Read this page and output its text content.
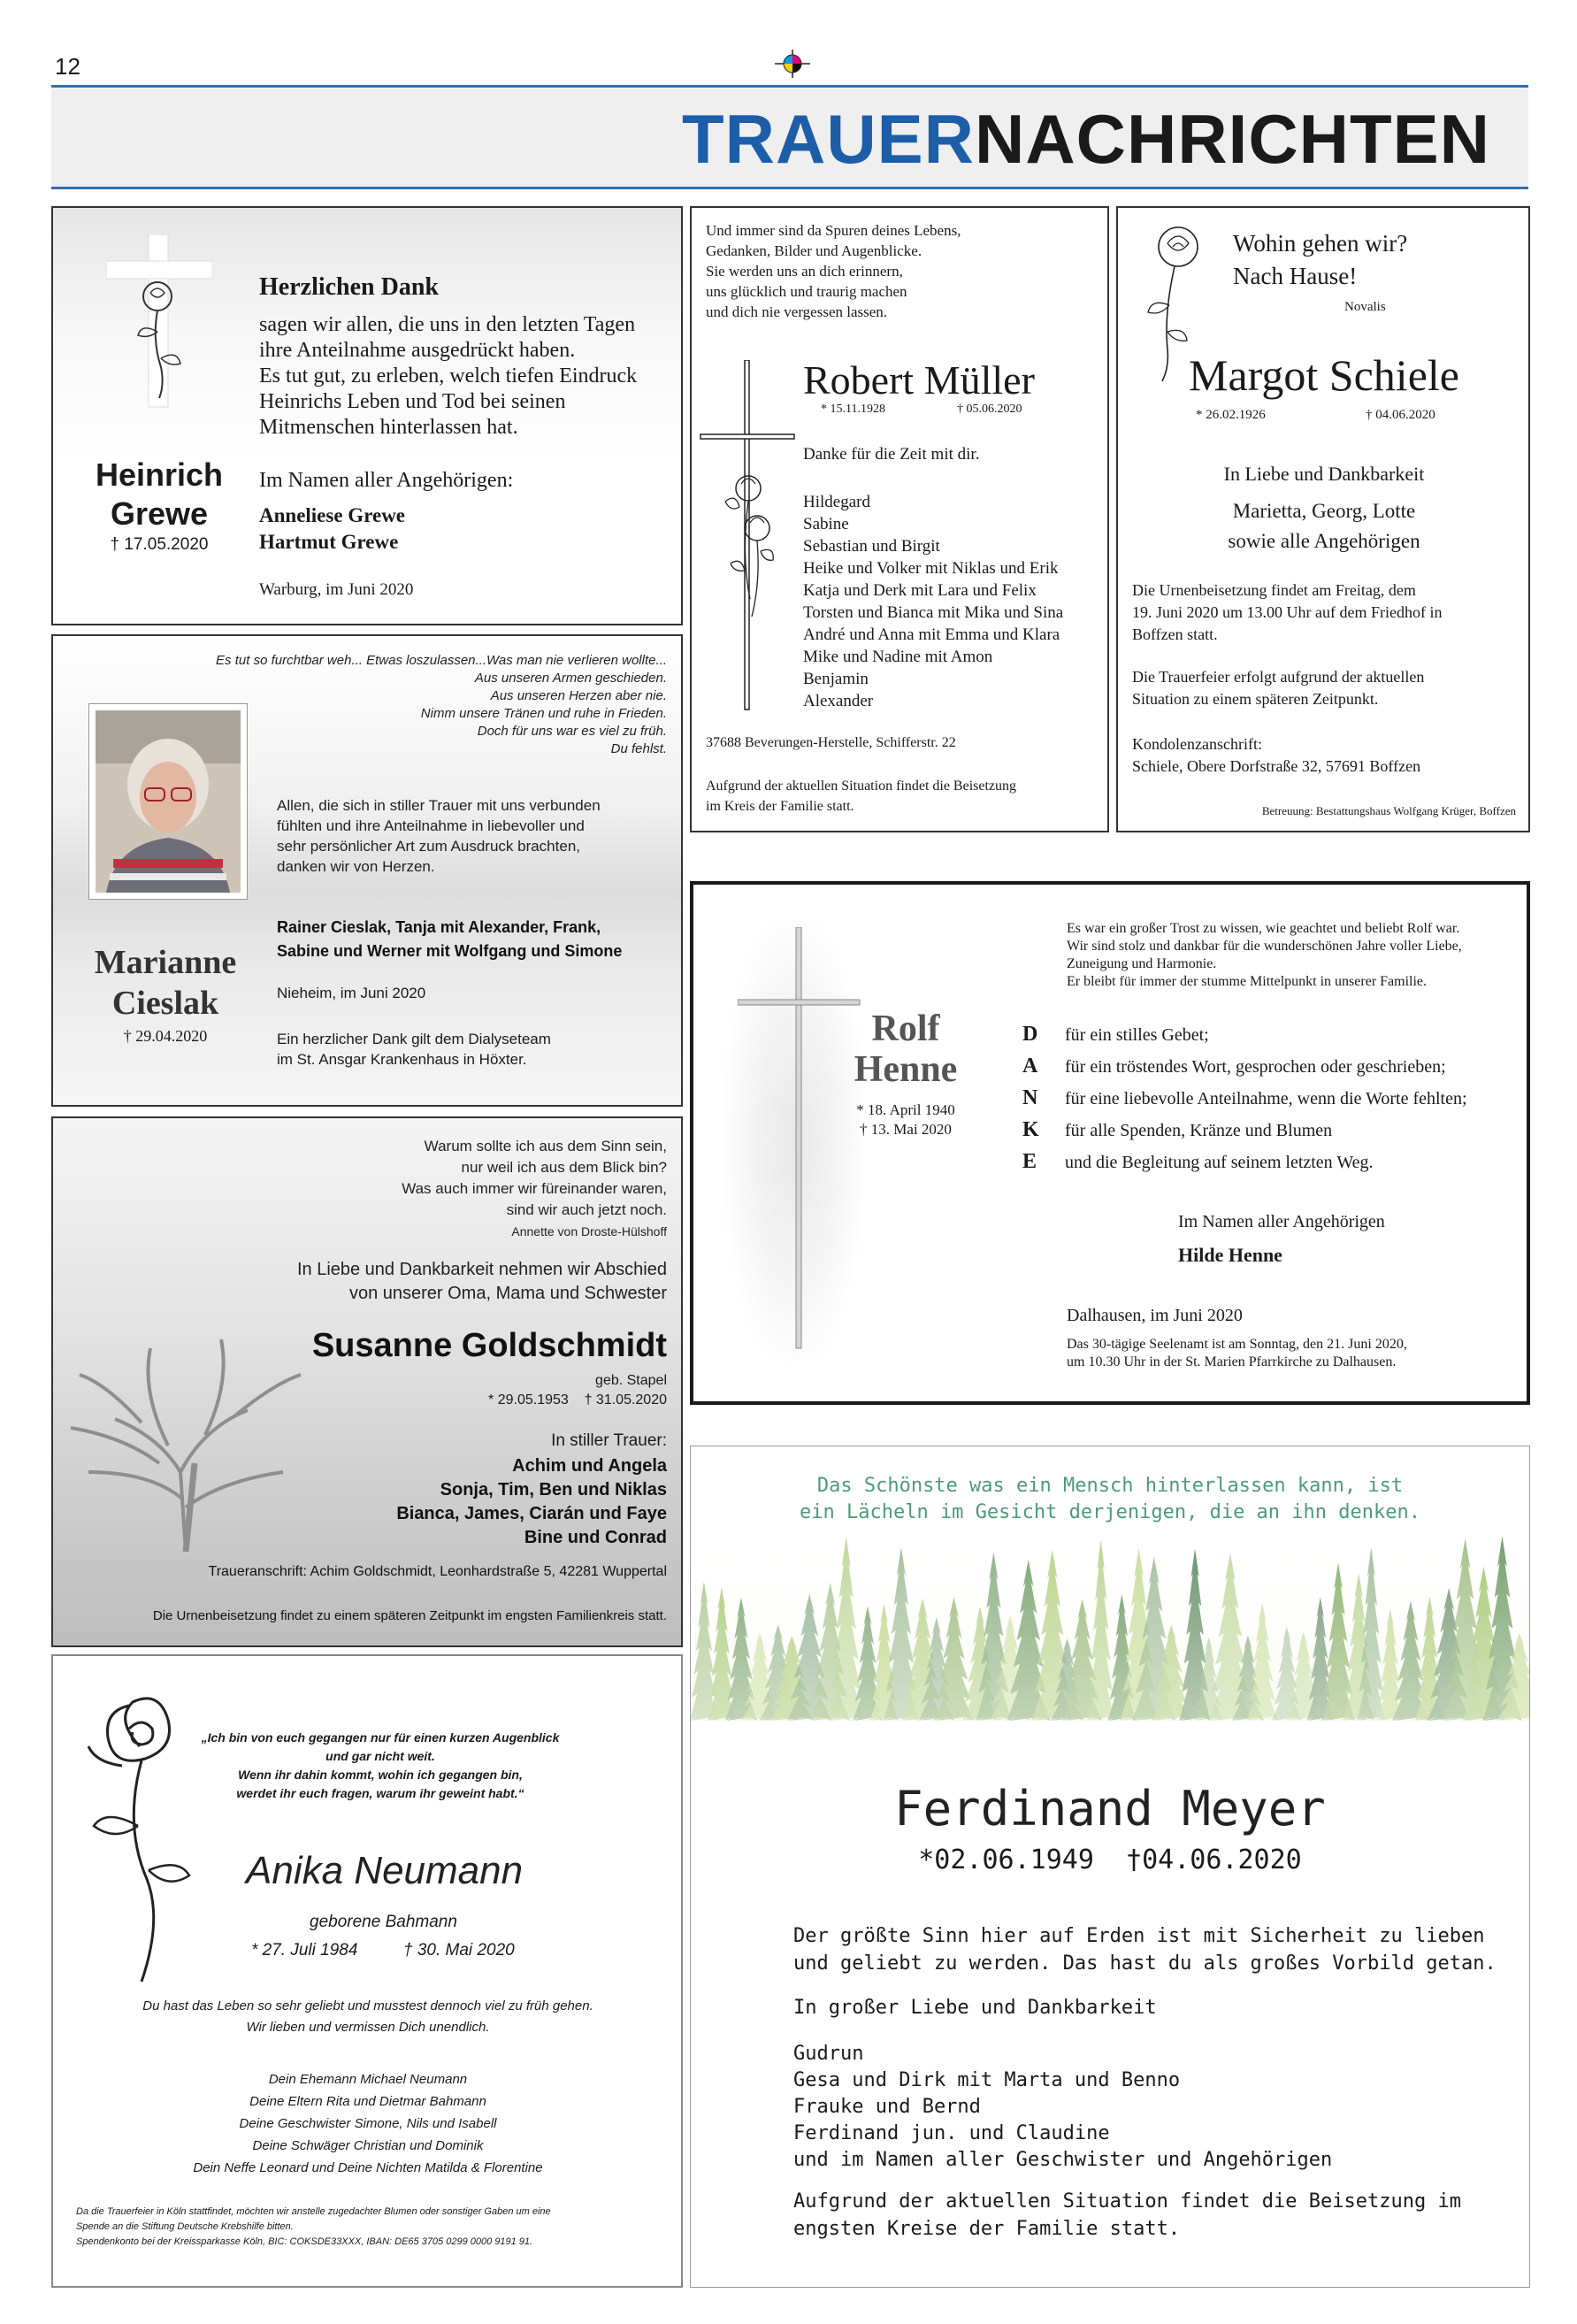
12
TRAUERNACHRICHTEN
Herzlichen Dank
sagen wir allen, die uns in den letzten Tagen
ihre Anteilnahme ausgedrückt haben.
Es tut gut, zu erleben, welch tiefen Eindruck
Heinrichs Leben und Tod bei seinen
Mitmenschen hinterlassen hat.
Im Namen aller Angehörigen:
Anneliese Grewe
Hartmut Grewe
Warburg, im Juni 2020
Heinrich
Grewe
† 17.05.2020
Und immer sind da Spuren deines Lebens,
Gedanken, Bilder und Augenblicke.
Sie werden uns an dich erinnern,
uns glücklich und traurig machen
und dich nie vergessen lassen.
Robert Müller
* 15.11.1928	† 05.06.2020
Danke für die Zeit mit dir.
Hildegard
Sabine
Sebastian und Birgit
Heike und Volker mit Niklas und Erik
Katja und Derk mit Lara und Felix
Torsten und Bianca mit Mika und Sina
André und Anna mit Emma und Klara
Mike und Nadine mit Amon
Benjamin
Alexander
37688 Beverungen-Herstelle, Schifferstr. 22
Aufgrund der aktuellen Situation findet die Beisetzung
im Kreis der Familie statt.
Wohin gehen wir?
Nach Hause!
Novalis
Margot Schiele
* 26.02.1926	† 04.06.2020
In Liebe und Dankbarkeit
Marietta, Georg, Lotte
sowie alle Angehörigen
Die Urnenbeisetzung findet am Freitag, dem
19. Juni 2020 um 13.00 Uhr auf dem Friedhof in
Boffzen statt.
Die Trauerfeier erfolgt aufgrund der aktuellen
Situation zu einem späteren Zeitpunkt.
Kondolenzanschrift:
Schiele, Obere Dorfstraße 32, 57691 Boffzen
Betreuung: Bestattungshaus Wolfgang Krüger, Boffzen
Es tut so furchtbar weh... Etwas loszulassen...Was man nie verlieren wollte...
Aus unseren Armen geschieden.
Aus unseren Herzen aber nie.
Nimm unsere Tränen und ruhe in Frieden.
Doch für uns war es viel zu früh.
Du fehlst.
Allen, die sich in stiller Trauer mit uns verbunden
fühlten und ihre Anteilnahme in liebevoller und
sehr persönlicher Art zum Ausdruck brachten,
danken wir von Herzen.
Rainer Cieslak, Tanja mit Alexander, Frank,
Sabine und Werner mit Wolfgang und Simone
Nieheim, im Juni 2020
Ein herzlicher Dank gilt dem Dialyseteam
im St. Ansgar Krankenhaus in Höxter.
Marianne
Cieslak
† 29.04.2020	Rolf
Henne
* 18. April 1940
† 13. Mai 2020
Es war ein großer Trost zu wissen, wie geachtet und beliebt Rolf war.
Wir sind stolz und dankbar für die wunderschönen Jahre voller Liebe,
Zuneigung und Harmonie.
Er bleibt für immer der stumme Mittelpunkt in unserer Familie.
D für ein stilles Gebet;
A für ein tröstendes Wort, gesprochen oder geschrieben;
N für eine liebevolle Anteilnahme, wenn die Worte fehlten;
K für alle Spenden, Kränze und Blumen
E und die Begleitung auf seinem letzten Weg.
Im Namen aller Angehörigen
Hilde Henne
Dalhausen, im Juni 2020
Das 30-tägige Seelenamt ist am Sonntag, den 21. Juni 2020,
um 10.30 Uhr in der St. Marien Pfarrkirche zu Dalhausen.
Warum sollte ich aus dem Sinn sein,
nur weil ich aus dem Blick bin?
Was auch immer wir füreinander waren,
sind wir auch jetzt noch.
Annette von Droste-Hülshoff
In Liebe und Dankbarkeit nehmen wir Abschied
von unserer Oma, Mama und Schwester
Susanne Goldschmidt
geb. Stapel
* 29.05.1953    † 31.05.2020
In stiller Trauer:
Achim und Angela
Sonja, Tim, Ben und Niklas
Bianca, James, Ciarán und Faye
Bine und Conrad
Traueranschrift: Achim Goldschmidt, Leonhardstraße 5, 42281 Wuppertal
Die Urnenbeisetzung findet zu einem späteren Zeitpunkt im engsten Familienkreis statt.
Das Schönste was ein Mensch hinterlassen kann, ist
ein Lächeln im Gesicht derjenigen, die an ihn denken.
Ferdinand Meyer
*02.06.1949  †04.06.2020
Der größte Sinn hier auf Erden ist mit Sicherheit zu lieben
und geliebt zu werden. Das hast du als großes Vorbild getan.
In großer Liebe und Dankbarkeit
Gudrun
Gesa und Dirk mit Marta und Benno
Frauke und Bernd
Ferdinand jun. und Claudine
und im Namen aller Geschwister und Angehörigen
Aufgrund der aktuellen Situation findet die Beisetzung im
engsten Kreise der Familie statt.
„Ich bin von euch gegangen nur für einen kurzen Augenblick
und gar nicht weit.
Wenn ihr dahin kommt, wohin ich gegangen bin,
werdet ihr euch fragen, warum ihr geweint habt.“
Anika Neumann
geborene Bahmann
* 27. Juli 1984	† 30. Mai 2020
Du hast das Leben so sehr geliebt und musstest dennoch viel zu früh gehen.
Wir lieben und vermissen Dich unendlich.
Dein Ehemann Michael Neumann
Deine Eltern Rita und Dietmar Bahmann
Deine Geschwister Simone, Nils und Isabell
Deine Schwäger Christian und Dominik
Dein Neffe Leonard und Deine Nichten Matilda & Florentine
Da die Trauerfeier in Köln stattfindet, möchten wir anstelle zugedachter Blumen oder sonstiger Gaben um eine
Spende an die Stiftung Deutsche Krebshilfe bitten.
Spendenkonto bei der Kreissparkasse Köln, BIC: COKSDE33XXX, IBAN: DE65 3705 0299 0000 9191 91.
